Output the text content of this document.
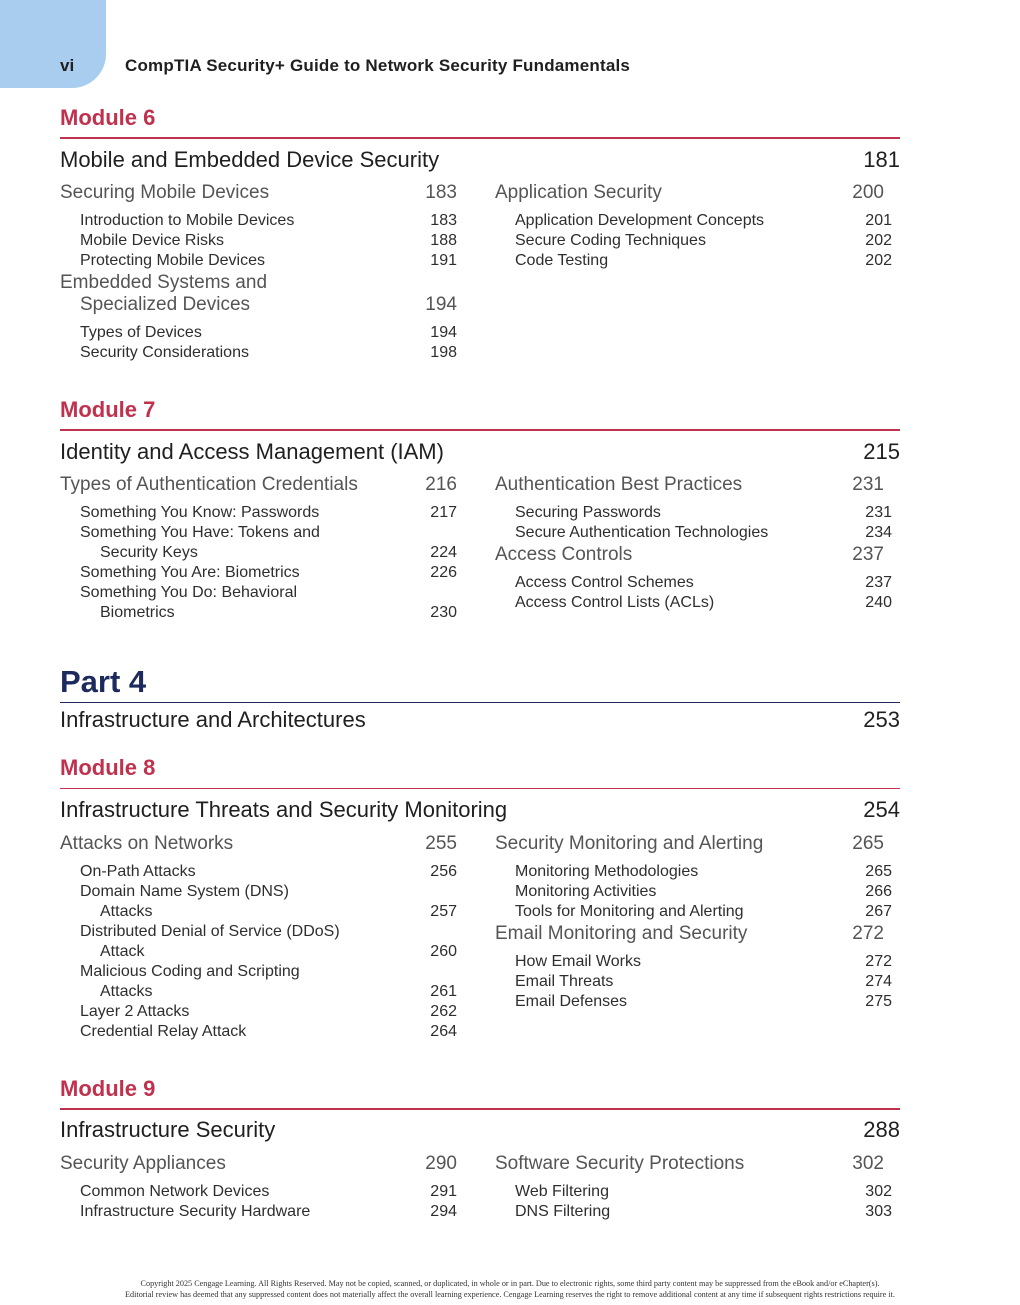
vi	CompTIA Security+ Guide to Network Security Fundamentals
Module 6
Mobile and Embedded Device Security	181
Securing Mobile Devices	183
Introduction to Mobile Devices	183
Mobile Device Risks	188
Protecting Mobile Devices	191
Embedded Systems and
Specialized Devices	194
Types of Devices	194
Security Considerations	198
Application Security	200
Application Development Concepts	201
Secure Coding Techniques	202
Code Testing	202
Module 7
Identity and Access Management (IAM)	215
Types of Authentication Credentials	216
Something You Know: Passwords	217
Something You Have: Tokens and
Security Keys	224
Something You Are: Biometrics	226
Something You Do: Behavioral
Biometrics	230
Authentication Best Practices	231
Securing Passwords	231
Secure Authentication Technologies	234
Access Controls	237
Access Control Schemes	237
Access Control Lists (ACLs)	240
Part 4
Infrastructure and Architectures	253
Module 8
Infrastructure Threats and Security Monitoring	254
Attacks on Networks	255
On-Path Attacks	256
Domain Name System (DNS)
Attacks	257
Distributed Denial of Service (DDoS)
Attack	260
Malicious Coding and Scripting
Attacks	261
Layer 2 Attacks	262
Credential Relay Attack	264
Security Monitoring and Alerting	265
Monitoring Methodologies	265
Monitoring Activities	266
Tools for Monitoring and Alerting	267
Email Monitoring and Security	272
How Email Works	272
Email Threats	274
Email Defenses	275
Module 9
Infrastructure Security	288
Security Appliances	290
Common Network Devices	291
Infrastructure Security Hardware	294
Software Security Protections	302
Web Filtering	302
DNS Filtering	303
Copyright 2025 Cengage Learning. All Rights Reserved. May not be copied, scanned, or duplicated, in whole or in part. Due to electronic rights, some third party content may be suppressed from the eBook and/or eChapter(s).
Editorial review has deemed that any suppressed content does not materially affect the overall learning experience. Cengage Learning reserves the right to remove additional content at any time if subsequent rights restrictions require it.
